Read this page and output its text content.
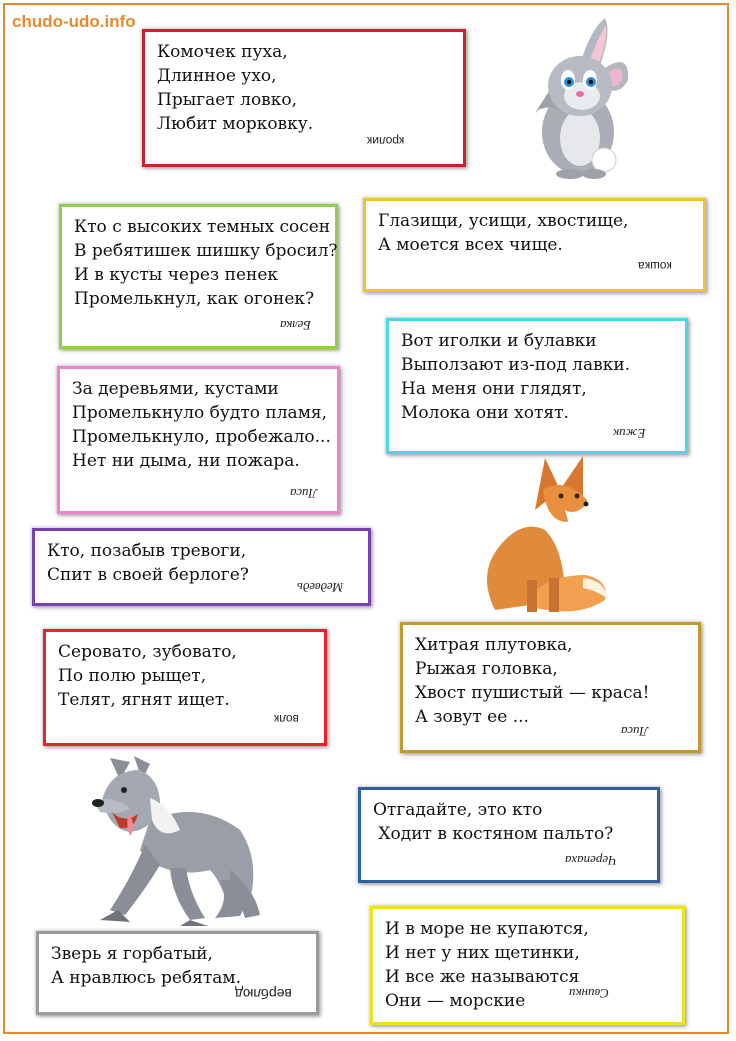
chudo-udo.info
Комочек пуха,
Длинное ухо,
Прыгает ловко,
Любит морковку.
кролик
Кто с высоких темных сосен
В ребятишек шишку бросил?
И в кусты через пенек
Промелькнул, как огонек?
Белка
Глазищи, усищи, хвостище,
А моется всех чище.
кошка
Вот иголки и булавки
Выползают из-под лавки.
На меня они глядят,
Молока они хотят.
Ежик
За деревьями, кустами
Промелькнуло будто пламя,
Промелькнуло, пробежало...
Нет ни дыма, ни пожара.
Лиса
Кто, позабыв тревоги,
Спит в своей берлоге?
Медведь
Серовато, зубовато,
По полю рыщет,
Телят, ягнят ищет.
волк
Хитрая плутовка,
Рыжая головка,
Хвост пушистый — краса!
А зовут ее ...
Лиса
Отгадайте, это кто
Ходит в костяном пальто?
Черепаха
Зверь я горбатый,
А нравлюсь ребятам.
верблюд
И в море не купаются,
И нет у них щетинки,
И все же называются
Они — морские	Свинки
